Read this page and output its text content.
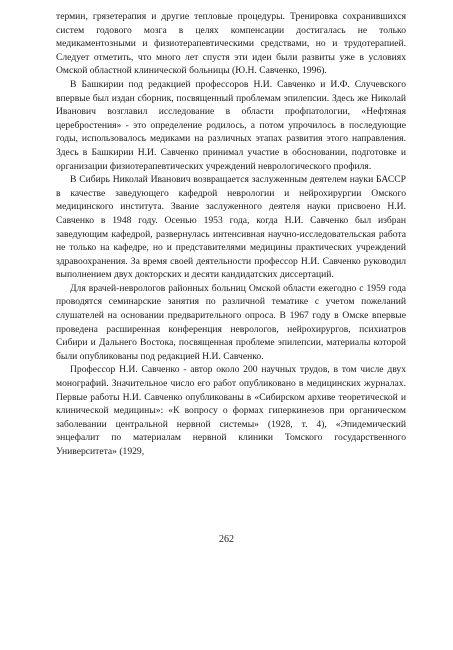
термин, грязетерапия и другие тепловые процедуры. Тренировка сохранившихся систем годового мозга в целях компенсации достигалась не только медикаментозными и физиотерапевтическими средствами, но и трудотерапией. Следует отметить, что много лет спустя эти идеи были развиты уже в условиях Омской областной клинической больницы (Ю.Н. Савченко, 1996).

В Башкирии под редакцией профессоров Н.И. Савченко и И.Ф. Случевского впервые был издан сборник, посвященный проблемам эпилепсии. Здесь же Николай Иванович возглавил исследование в области профпатологии, «Нефтяная церебростения» - это определение родилось, а потом упрочилось в последующие годы, использовалось медиками на различных этапах развития этого направления. Здесь в Башкирии Н.И. Савченко принимал участие в обосновании, подготовке и организации физиотерапевтических учреждений неврологического профиля.

В Сибирь Николай Иванович возвращается заслуженным деятелем науки БАССР в качестве заведующего кафедрой неврологии и нейрохирургии Омского медицинского института. Звание заслуженного деятеля науки присвоено Н.И. Савченко в 1948 году. Осенью 1953 года, когда Н.И. Савченко был избран заведующим кафедрой, развернулась интенсивная научно-исследовательская работа не только на кафедре, но и представителями медицины практических учреждений здравоохранения. За время своей деятельности профессор Н.И. Савченко руководил выполнением двух докторских и десяти кандидатских диссертаций.

Для врачей-неврологов районных больниц Омской области ежегодно с 1959 года проводятся семинарские занятия по различной тематике с учетом пожеланий слушателей на основании предварительного опроса. В 1967 году в Омске впервые проведена расширенная конференция неврологов, нейрохирургов, психиатров Сибири и Дальнего Востока, посвященная проблеме эпилепсии, материалы которой были опубликованы под редакцией Н.И. Савченко.

Профессор Н.И. Савченко - автор около 200 научных трудов, в том числе двух монографий. Значительное число его работ опубликовано в медицинских журналах. Первые работы Н.И. Савченко опубликованы в «Сибирском архиве теоретической и клинической медицины»: «К вопросу о формах гиперкинезов при органическом заболевании центральной нервной системы» (1928, т. 4), «Эпидемический энцефалит по материалам нервной клиники Томского государственного Университета» (1929,

262
